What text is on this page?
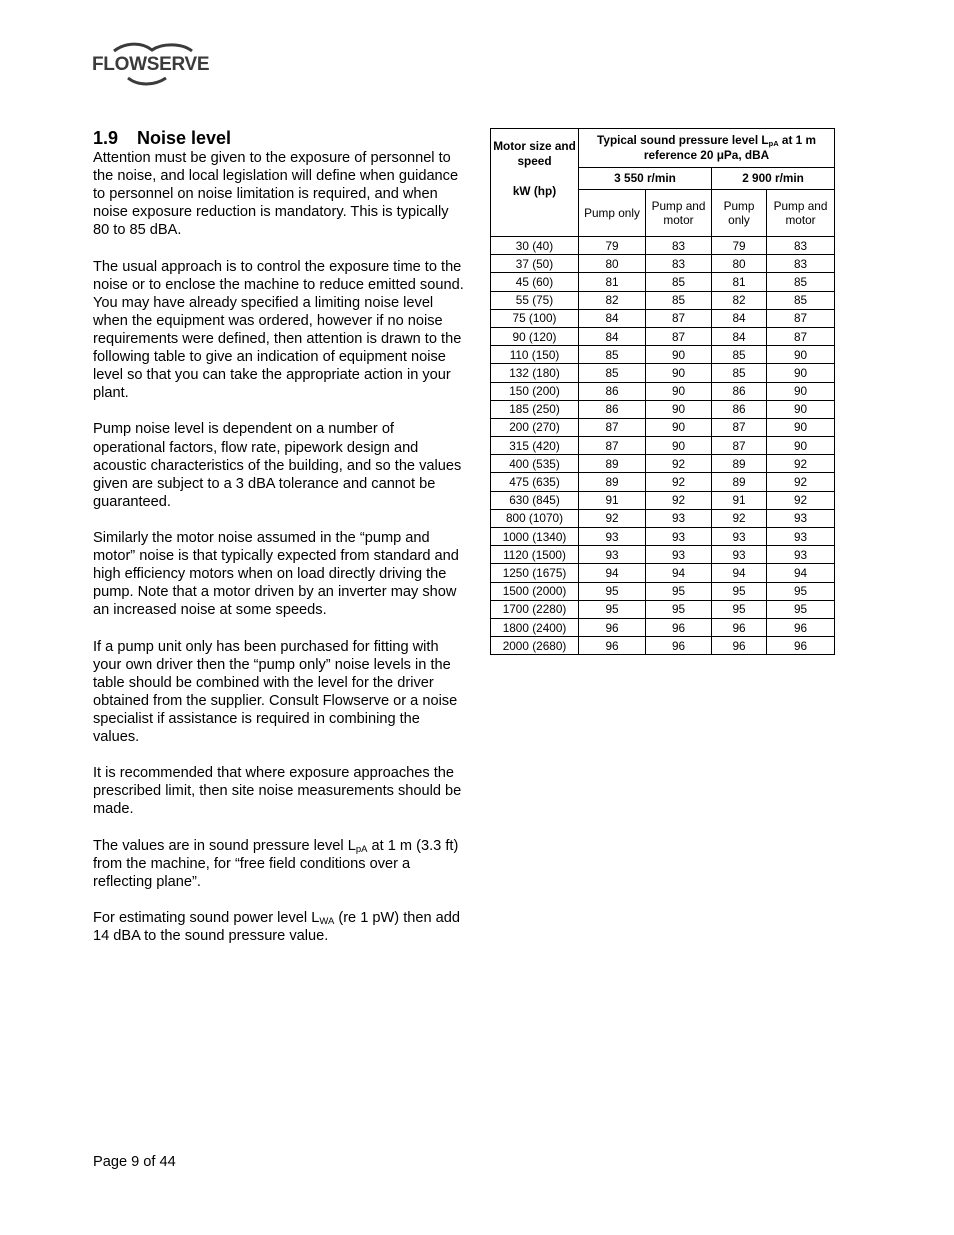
FLOWSERVE
1.9 Noise level

Attention must be given to the exposure of personnel to the noise, and local legislation will define when guidance to personnel on noise limitation is required, and when noise exposure reduction is mandatory. This is typically 80 to 85 dBA.

The usual approach is to control the exposure time to the noise or to enclose the machine to reduce emitted sound. You may have already specified a limiting noise level when the equipment was ordered, however if no noise requirements were defined, then attention is drawn to the following table to give an indication of equipment noise level so that you can take the appropriate action in your plant.

Pump noise level is dependent on a number of operational factors, flow rate, pipework design and acoustic characteristics of the building, and so the values given are subject to a 3 dBA tolerance and cannot be guaranteed.

Similarly the motor noise assumed in the “pump and motor” noise is that typically expected from standard and high efficiency motors when on load directly driving the pump. Note that a motor driven by an inverter may show an increased noise at some speeds.

If a pump unit only has been purchased for fitting with your own driver then the “pump only” noise levels in the table should be combined with the level for the driver obtained from the supplier. Consult Flowserve or a noise specialist if assistance is required in combining the values.

It is recommended that where exposure approaches the prescribed limit, then site noise measurements should be made.

The values are in sound pressure level $L_{pA}$ at 1 m (3.3 ft) from the machine, for “free field conditions over a reflecting plane”.

For estimating sound power level $L_{WA}$ (re 1 pW) then add 14 dBA to the sound pressure value.

Motor size and speed

kW (hp)	Typical sound pressure level $L_{pA}$ at 1 m reference 20 μPa, dBA			
	3 550 r/min		2 900 r/min	
	Pump only	Pump and motor	Pump only	Pump and motor
30 (40)	79	83	79	83
37 (50)	80	83	80	83
45 (60)	81	85	81	85
55 (75)	82	85	82	85
75 (100)	84	87	84	87
90 (120)	84	87	84	87
110 (150)	85	90	85	90
132 (180)	85	90	85	90
150 (200)	86	90	86	90
185 (250)	86	90	86	90
200 (270)	87	90	87	90
315 (420)	87	90	87	90
400 (535)	89	92	89	92
475 (635)	89	92	89	92
630 (845)	91	92	91	92
800 (1070)	92	93	92	93
1000 (1340)	93	93	93	93
1120 (1500)	93	93	93	93
1250 (1675)	94	94	94	94
1500 (2000)	95	95	95	95
1700 (2280)	95	95	95	95
1800 (2400)	96	96	96	96
2000 (2680)	96	96	96	96
Page 9 of 44
